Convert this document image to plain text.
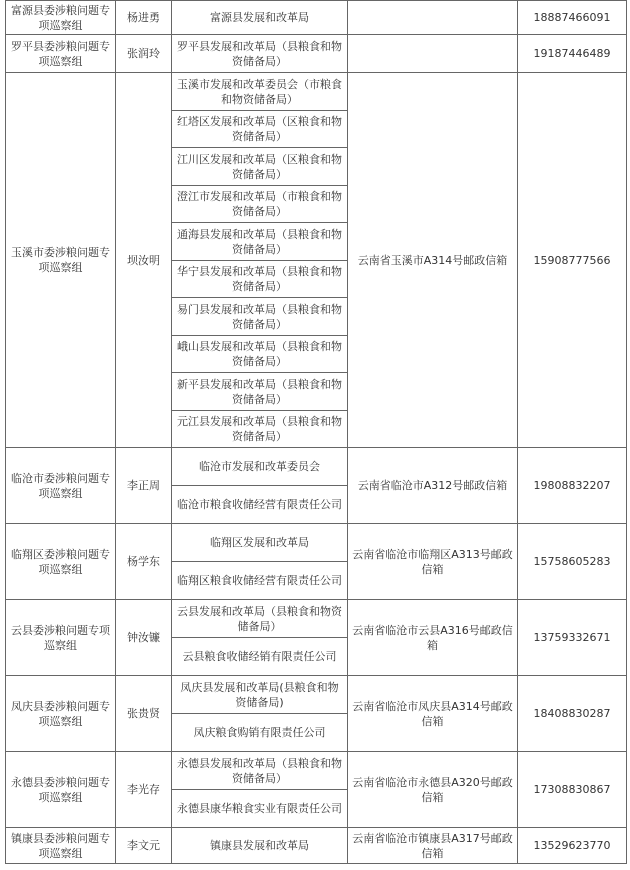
富源县委涉粮问题专项巡察组	杨进勇	富源县发展和改革局		18887466091
罗平县委涉粮问题专项巡察组	张润玲	罗平县发展和改革局（县粮食和物资储备局）		19187446489
玉溪市委涉粮问题专项巡察组	坝汝明	玉溪市发展和改革委员会（市粮食和物资储备局）	云南省玉溪市A314号邮政信箱	15908777566
		红塔区发展和改革局（区粮食和物资储备局）		
		江川区发展和改革局（区粮食和物资储备局）		
		澄江市发展和改革局（市粮食和物资储备局）		
		通海县发展和改革局（县粮食和物资储备局）		
		华宁县发展和改革局（县粮食和物资储备局）		
		易门县发展和改革局（县粮食和物资储备局）		
		峨山县发展和改革局（县粮食和物资储备局）		
		新平县发展和改革局（县粮食和物资储备局）		
		元江县发展和改革局（县粮食和物资储备局）		
临沧市委涉粮问题专项巡察组	李正周	临沧市发展和改革委员会	云南省临沧市A312号邮政信箱	19808832207
		临沧市粮食收储经营有限责任公司		
临翔区委涉粮问题专项巡察组	杨学东	临翔区发展和改革局	云南省临沧市临翔区A313号邮政信箱	15758605283
		临翔区粮食收储经营有限责任公司		
云县委涉粮问题专项巡察组	钟汝镰	云县发展和改革局（县粮食和物资储备局）	云南省临沧市云县A316号邮政信箱	13759332671
		云县粮食收储经销有限责任公司		
凤庆县委涉粮问题专项巡察组	张贵贤	凤庆县发展和改革局(县粮食和物资储备局)	云南省临沧市凤庆县A314号邮政信箱	18408830287
		凤庆粮食购销有限责任公司		
永德县委涉粮问题专项巡察组	李光存	永德县发展和改革局（县粮食和物资储备局）	云南省临沧市永德县A320号邮政信箱	17308830867
		永德县康华粮食实业有限责任公司		
镇康县委涉粮问题专项巡察组	李文元	镇康县发展和改革局	云南省临沧市镇康县A317号邮政信箱	13529623770
